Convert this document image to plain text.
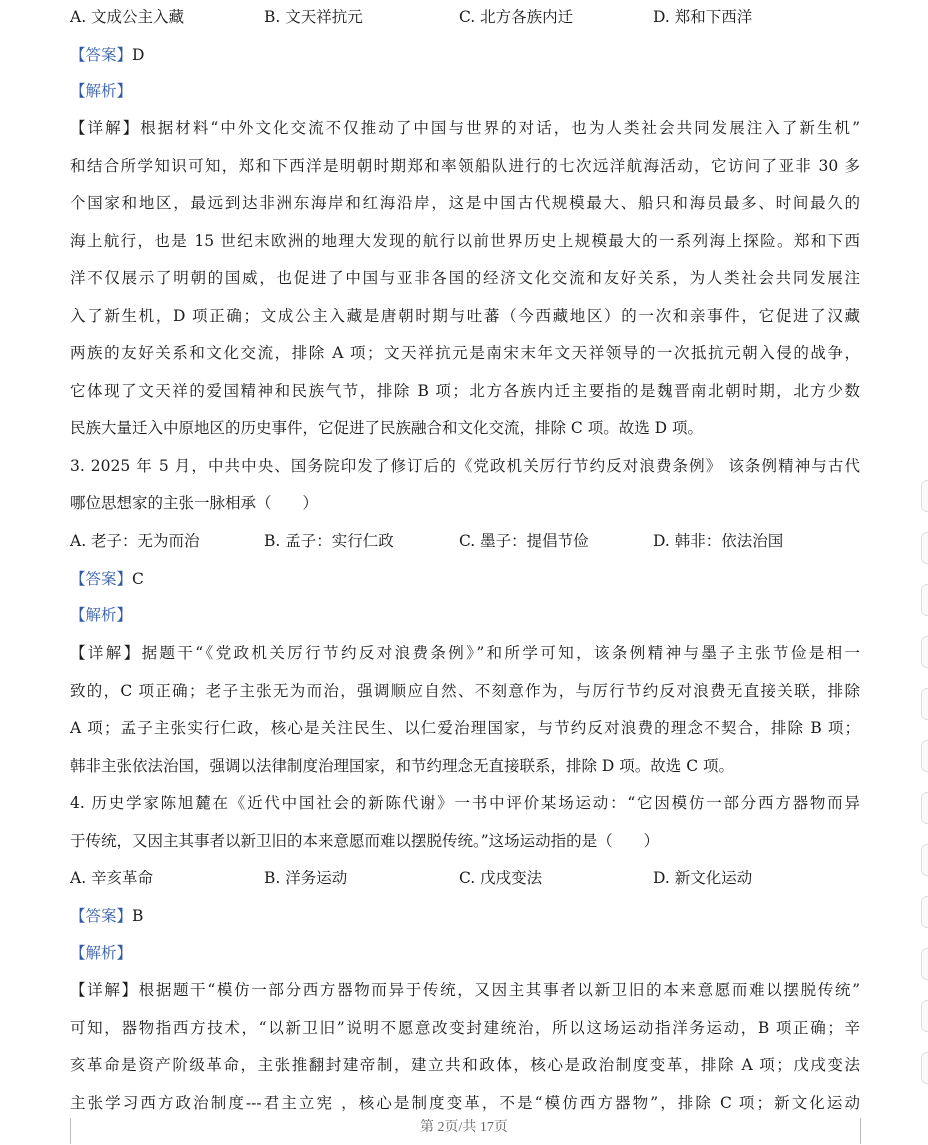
A. 文成公主入藏	B. 文天祥抗元	C. 北方各族内迁	D. 郑和下西洋
【答案】D
【解析】
【详解】根据材料“中外文化交流不仅推动了中国与世界的对话，也为人类社会共同发展注入了新生机”
和结合所学知识可知，郑和下西洋是明朝时期郑和率领船队进行的七次远洋航海活动，它访问了亚非 30 多
个国家和地区，最远到达非洲东海岸和红海沿岸，这是中国古代规模最大、船只和海员最多、时间最久的
海上航行，也是 15 世纪末欧洲的地理大发现的航行以前世界历史上规模最大的一系列海上探险。郑和下西
洋不仅展示了明朝的国威，也促进了中国与亚非各国的经济文化交流和友好关系，为人类社会共同发展注
入了新生机，D 项正确；文成公主入藏是唐朝时期与吐蕃（今西藏地区）的一次和亲事件，它促进了汉藏
两族的友好关系和文化交流，排除 A 项；文天祥抗元是南宋末年文天祥领导的一次抵抗元朝入侵的战争，
它体现了文天祥的爱国精神和民族气节，排除 B 项；北方各族内迁主要指的是魏晋南北朝时期，北方少数
民族大量迁入中原地区的历史事件，它促进了民族融合和文化交流，排除 C 项。故选 D 项。
3. 2025 年 5 月，中共中央、国务院印发了修订后的《党政机关厉行节约反对浪费条例》 该条例精神与古代
哪位思想家的主张一脉相承（　　）
A. 老子：无为而治	B. 孟子：实行仁政	C. 墨子：提倡节俭	D. 韩非：依法治国
【答案】C
【解析】
【详解】据题干“《党政机关厉行节约反对浪费条例》”和所学可知，该条例精神与墨子主张节俭是相一
致的，C 项正确；老子主张无为而治，强调顺应自然、不刻意作为，与厉行节约反对浪费无直接关联，排除
A 项；孟子主张实行仁政，核心是关注民生、以仁爱治理国家，与节约反对浪费的理念不契合，排除 B 项；
韩非主张依法治国，强调以法律制度治理国家，和节约理念无直接联系，排除 D 项。故选 C 项。
4. 历史学家陈旭麓在《近代中国社会的新陈代谢》一书中评价某场运动：“它因模仿一部分西方器物而异
于传统，又因主其事者以新卫旧的本来意愿而难以摆脱传统。”这场运动指的是（　　）
A. 辛亥革命	B. 洋务运动	C. 戊戌变法	D. 新文化运动
【答案】B
【解析】
【详解】根据题干“模仿一部分西方器物而异于传统，又因主其事者以新卫旧的本来意愿而难以摆脱传统”
可知，器物指西方技术，“以新卫旧”说明不愿意改变封建统治，所以这场运动指洋务运动，B 项正确；辛
亥革命是资产阶级革命，主张推翻封建帝制，建立共和政体，核心是政治制度变革，排除 A 项；戊戌变法
主张学习西方政治制度---君主立宪 ，核心是制度变革，不是“模仿西方器物”，排除 C 项；新文化运动
第 2页/共 17页
